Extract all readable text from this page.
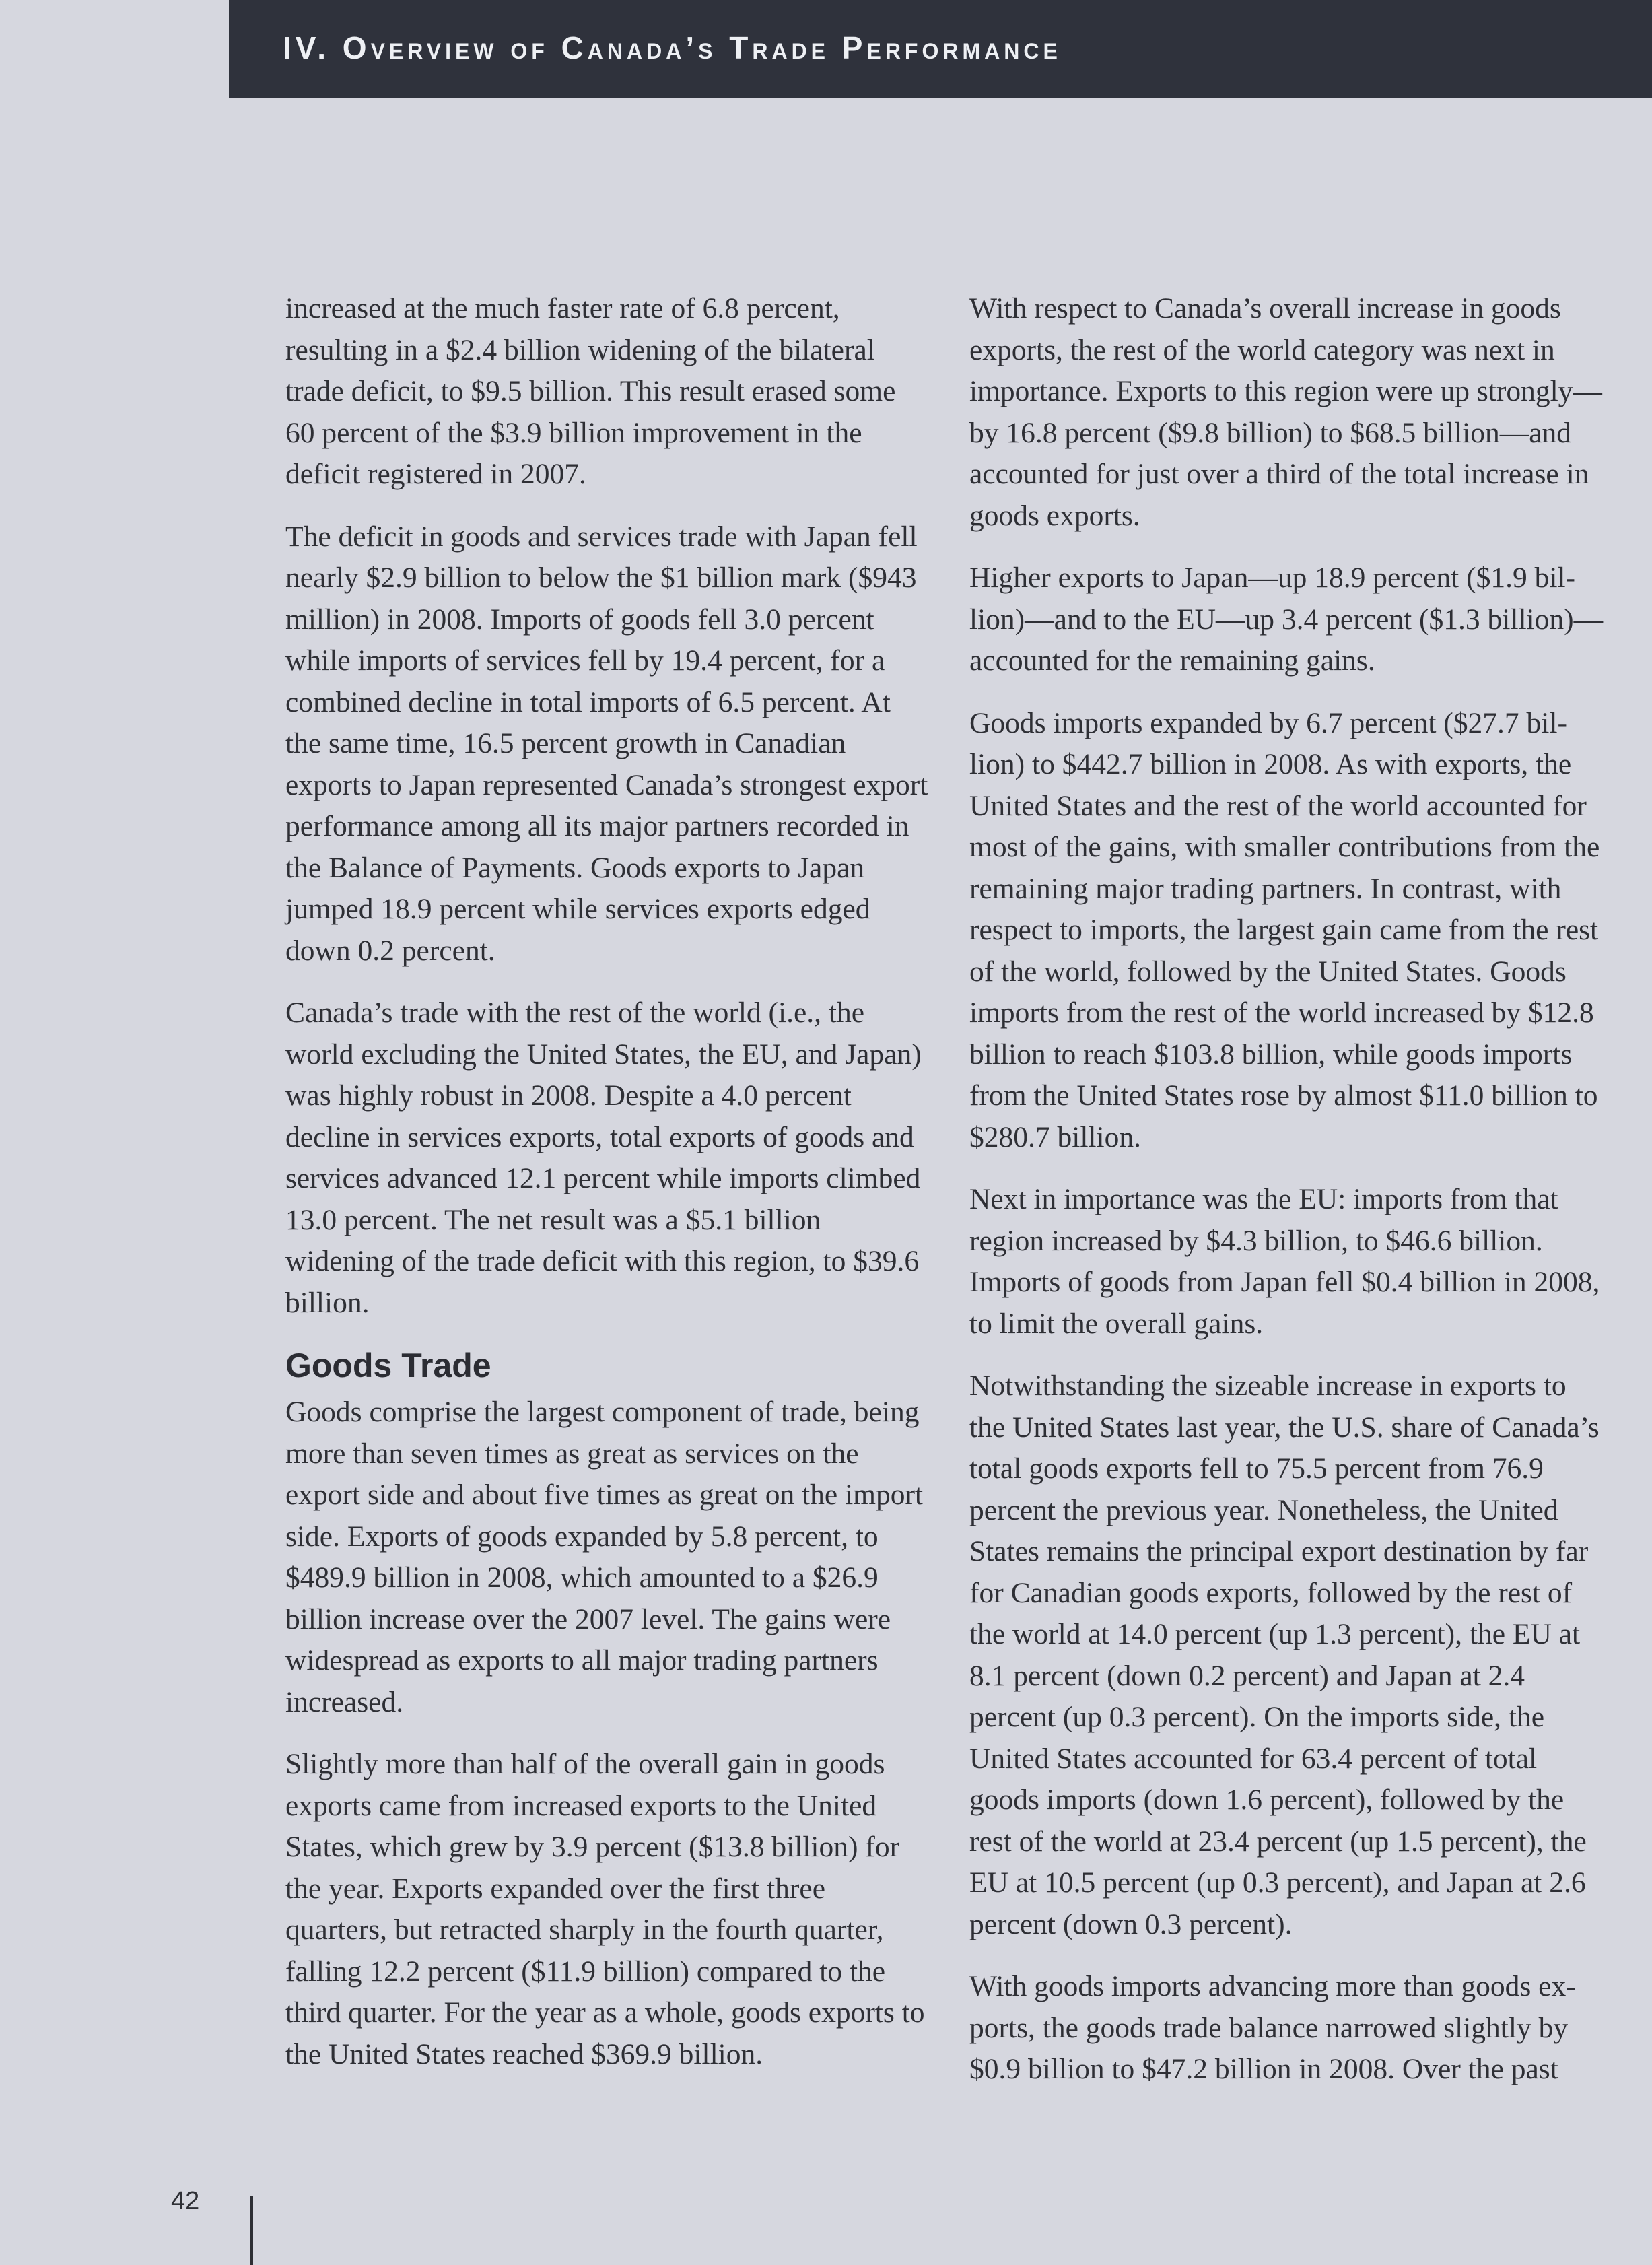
IV. Overview of Canada’s Trade Performance

increased at the much faster rate of 6.8 percent, resulting in a $2.4 billion widening of the bilateral trade deficit, to $9.5 billion. This result erased some 60 percent of the $3.9 billion improvement in the deficit registered in 2007.

The deficit in goods and services trade with Japan fell nearly $2.9 billion to below the $1 billion mark ($943 million) in 2008. Imports of goods fell 3.0 percent while imports of services fell by 19.4 percent, for a combined decline in total imports of 6.5 percent. At the same time, 16.5 percent growth in Canadian exports to Japan represented Canada’s strongest export performance among all its major partners recorded in the Balance of Payments. Goods exports to Japan jumped 18.9 percent while services exports edged down 0.2 percent.

Canada’s trade with the rest of the world (i.e., the world excluding the United States, the EU, and Japan) was highly robust in 2008. Despite a 4.0 percent decline in services exports, total exports of goods and services advanced 12.1 percent while imports climbed 13.0 percent. The net result was a $5.1 billion widening of the trade deficit with this region, to $39.6 billion.

Goods Trade

Goods comprise the largest component of trade, being more than seven times as great as services on the export side and about five times as great on the import side. Exports of goods expanded by 5.8 percent, to $489.9 billion in 2008, which amounted to a $26.9 billion increase over the 2007 level. The gains were widespread as exports to all major trading partners increased.

Slightly more than half of the overall gain in goods exports came from increased exports to the United States, which grew by 3.9 percent ($13.8 billion) for the year. Exports expanded over the first three quarters, but retracted sharply in the fourth quarter, falling 12.2 percent ($11.9 billion) compared to the third quarter. For the year as a whole, goods exports to the United States reached $369.9 billion.

With respect to Canada’s overall increase in goods exports, the rest of the world category was next in importance. Exports to this region were up strongly—by 16.8 percent ($9.8 billion) to $68.5 billion—and accounted for just over a third of the total increase in goods exports.

Higher exports to Japan—up 18.9 percent ($1.9 billion)—and to the EU—up 3.4 percent ($1.3 billion)—accounted for the remaining gains.

Goods imports expanded by 6.7 percent ($27.7 billion) to $442.7 billion in 2008. As with exports, the United States and the rest of the world accounted for most of the gains, with smaller contributions from the remaining major trading partners. In contrast, with respect to imports, the largest gain came from the rest of the world, followed by the United States. Goods imports from the rest of the world increased by $12.8 billion to reach $103.8 billion, while goods imports from the United States rose by almost $11.0 billion to $280.7 billion.

Next in importance was the EU: imports from that region increased by $4.3 billion, to $46.6 billion. Imports of goods from Japan fell $0.4 billion in 2008, to limit the overall gains.

Notwithstanding the sizeable increase in exports to the United States last year, the U.S. share of Canada’s total goods exports fell to 75.5 percent from 76.9 percent the previous year. Nonetheless, the United States remains the principal export destination by far for Canadian goods exports, followed by the rest of the world at 14.0 percent (up 1.3 percent), the EU at 8.1 percent (down 0.2 percent) and Japan at 2.4 percent (up 0.3 percent). On the imports side, the United States accounted for 63.4 percent of total goods imports (down 1.6 percent), followed by the rest of the world at 23.4 percent (up 1.5 percent), the EU at 10.5 percent (up 0.3 percent), and Japan at 2.6 percent (down 0.3 percent).

With goods imports advancing more than goods exports, the goods trade balance narrowed slightly by $0.9 billion to $47.2 billion in 2008. Over the past

42
